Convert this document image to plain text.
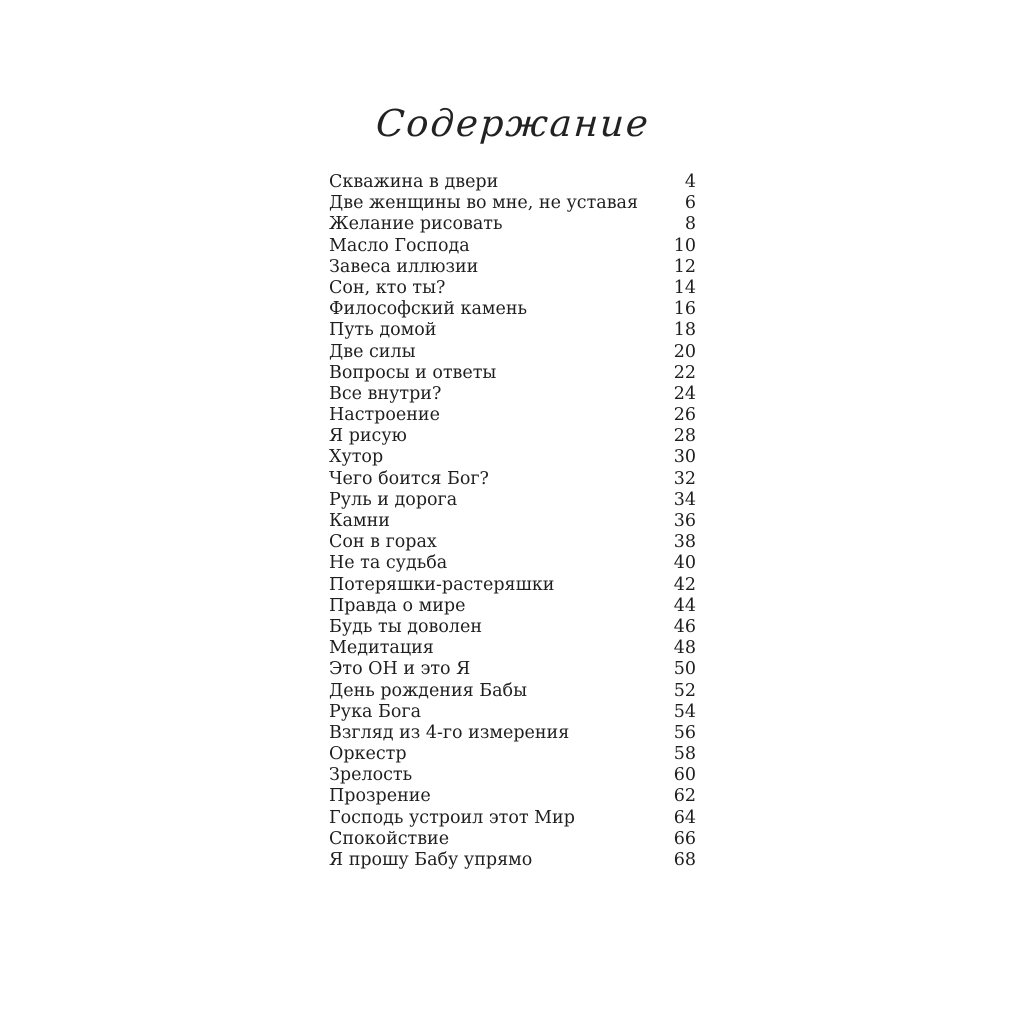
Содержание
Скважина в двери	4
Две женщины во мне, не уставая	6
Желание рисовать	8
Масло Господа	10
Завеса иллюзии	12
Сон, кто ты?	14
Философский камень	16
Путь домой	18
Две силы	20
Вопросы и ответы	22
Все внутри?	24
Настроение	26
Я рисую	28
Хутор	30
Чего боится Бог?	32
Руль и дорога	34
Камни	36
Сон в горах	38
Не та судьба	40
Потеряшки-растеряшки	42
Правда о мире	44
Будь ты доволен	46
Медитация	48
Это ОН и это Я	50
День рождения Бабы	52
Рука Бога	54
Взгляд из 4-го измерения	56
Оркестр	58
Зрелость	60
Прозрение	62
Господь устроил этот Мир	64
Спокойствие	66
Я прошу Бабу упрямо	68
